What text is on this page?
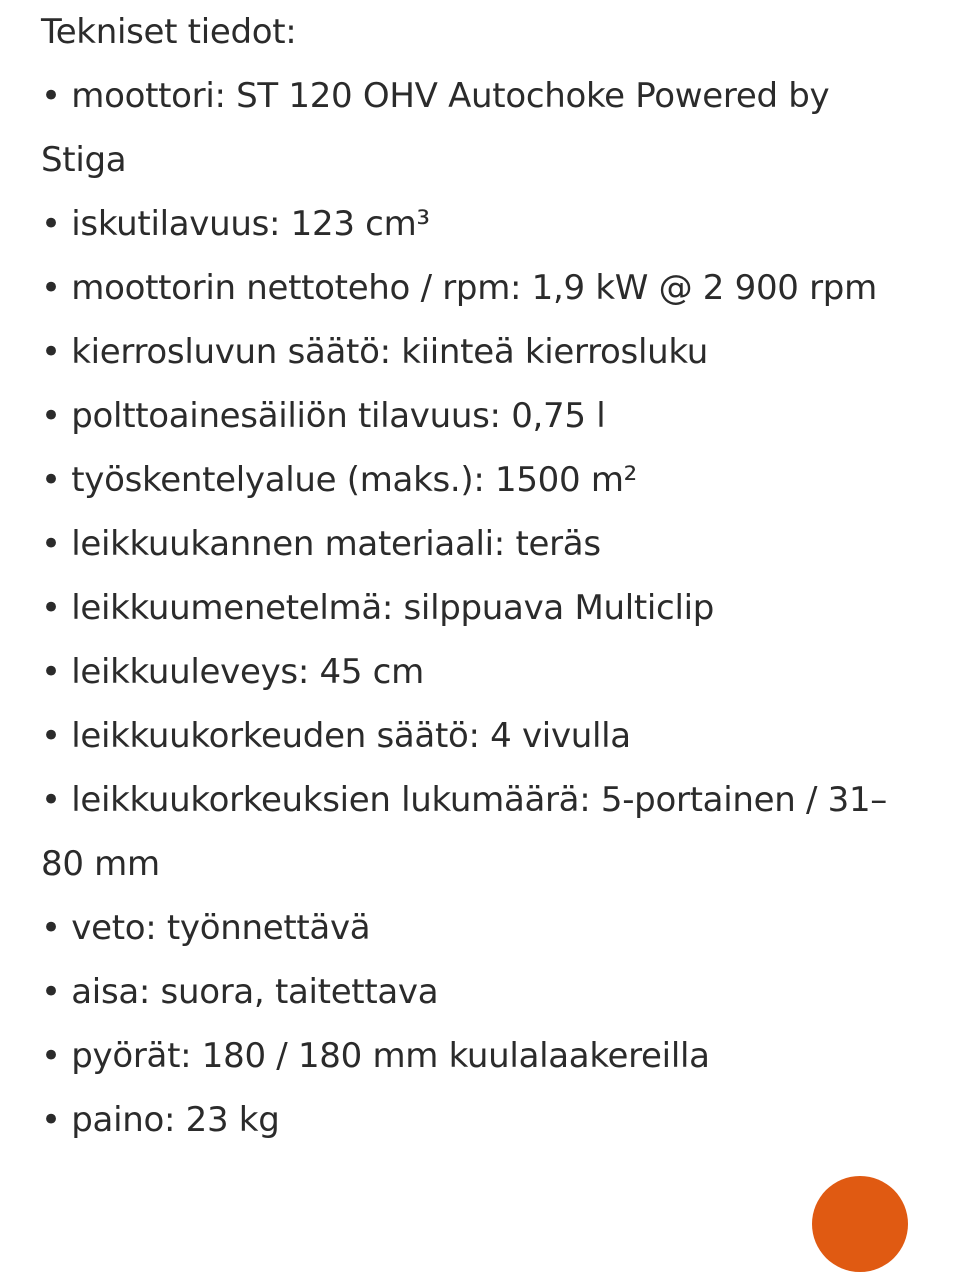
Tekniset tiedot:

• moottori: ST 120 OHV Autochoke Powered by

Stiga

• iskutilavuus: 123 cm³

• moottorin nettoteho / rpm: 1,9 kW @ 2 900 rpm

• kierrosluvun säätö: kiinteä kierrosluku

• polttoainesäiliön tilavuus: 0,75 l

• työskentelyalue (maks.): 1500 m²

• leikkuukannen materiaali: teräs

• leikkuumenetelmä: silppuava Multiclip

• leikkuuleveys: 45 cm

• leikkuukorkeuden säätö: 4 vivulla

• leikkuukorkeuksien lukumäärä: 5-portainen / 31–

80 mm

• veto: työnnettävä

• aisa: suora, taitettava

• pyörät: 180 / 180 mm kuulalaakereilla

• paino: 23 kg
